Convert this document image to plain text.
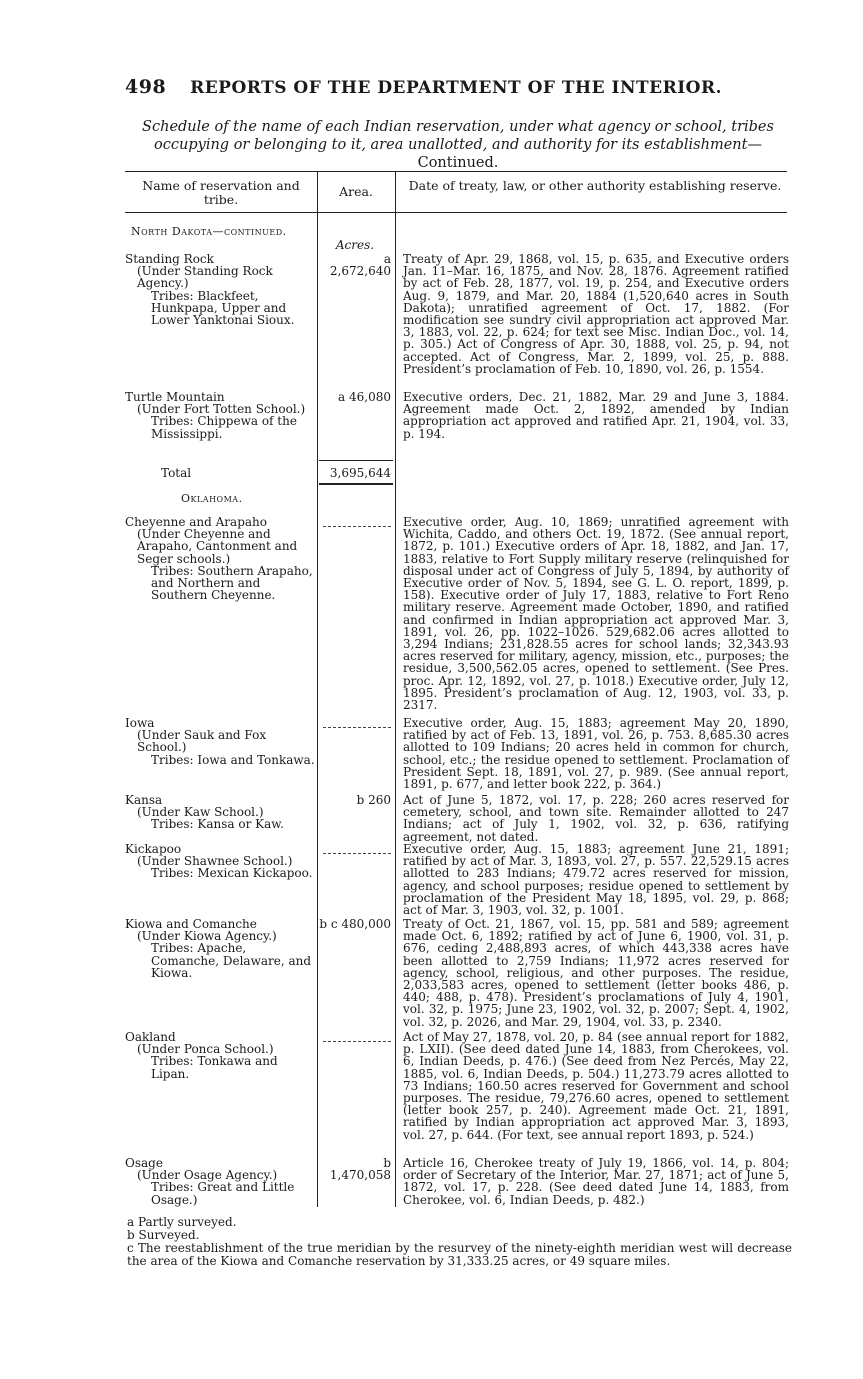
498 REPORTS OF THE DEPARTMENT OF THE INTERIOR.
Schedule of the name of each Indian reservation, under what agency or school, tribes occupying or belonging to it, area unallotted, and authority for its establishment—Continued.
Name of reservation and tribe.
Area.	Date of treaty, law, or other authority establishing reserve.
North Dakota—continued.
Acres.
Standing Rock
(Under Standing Rock Agency.)
Tribes: Blackfeet, Hunkpapa, Upper and Lower Yanktonai Sioux.
a 2,672,640
Treaty of Apr. 29, 1868, vol. 15, p. 635, and Executive orders Jan. 11–Mar. 16, 1875, and Nov. 28, 1876. Agreement ratified by act of Feb. 28, 1877, vol. 19, p. 254, and Executive orders Aug. 9, 1879, and Mar. 20, 1884 (1,520,640 acres in South Dakota); unratified agreement of Oct. 17, 1882. (For modification see sundry civil appropriation act approved Mar. 3, 1883, vol. 22, p. 624; for text see Misc. Indian Doc., vol. 14, p. 305.) Act of Congress of Apr. 30, 1888, vol. 25, p. 94, not accepted. Act of Congress, Mar. 2, 1899, vol. 25, p. 888. President’s proclamation of Feb. 10, 1890, vol. 26, p. 1554.
Turtle Mountain
(Under Fort Totten School.)
Tribes: Chippewa of the Mississippi.
a 46,080 Executive orders, Dec. 21, 1882, Mar. 29 and June 3, 1884. Agreement made Oct. 2, 1892, amended by Indian appropriation act approved and ratified Apr. 21, 1904, vol. 33, p. 194.
Total	3,695,644
Oklahoma.
Cheyenne and Arapaho
(Under Cheyenne and Arapaho, Cantonment and Seger schools.)
Tribes: Southern Arapaho, and Northern and Southern Cheyenne.
Executive order, Aug. 10, 1869; unratified agreement with Wichita, Caddo, and others Oct. 19, 1872. (See annual report, 1872, p. 101.) Executive orders of Apr. 18, 1882, and Jan. 17, 1883, relative to Fort Supply military reserve (relinquished for disposal under act of Congress of July 5, 1894, by authority of Executive order of Nov. 5, 1894, see G. L. O. report, 1899, p. 158). Executive order of July 17, 1883, relative to Fort Reno military reserve. Agreement made October, 1890, and ratified and confirmed in Indian appropriation act approved Mar. 3, 1891, vol. 26, pp. 1022–1026. 529,682.06 acres allotted to 3,294 Indians; 231,828.55 acres for school lands; 32,343.93 acres reserved for military, agency, mission, etc., purposes; the residue, 3,500,562.05 acres, opened to settlement. (See Pres. proc. Apr. 12, 1892, vol. 27, p. 1018.) Executive order, July 12, 1895. President’s proclamation of Aug. 12, 1903, vol. 33, p. 2317.
Iowa
(Under Sauk and Fox School.)
Tribes: Iowa and Tonkawa.
Executive order, Aug. 15, 1883; agreement May 20, 1890, ratified by act of Feb. 13, 1891, vol. 26, p. 753. 8,685.30 acres allotted to 109 Indians; 20 acres held in common for church, school, etc.; the residue opened to settlement. Proclamation of President Sept. 18, 1891, vol. 27, p. 989. (See annual report, 1891, p. 677, and letter book 222, p. 364.)
Kansa
(Under Kaw School.)
Tribes: Kansa or Kaw.
b 260 Act of June 5, 1872, vol. 17, p. 228; 260 acres reserved for cemetery, school, and town site. Remainder allotted to 247 Indians; act of July 1, 1902, vol. 32, p. 636, ratifying agreement, not dated.
Kickapoo
(Under Shawnee School.)
Tribes: Mexican Kickapoo.
Executive order, Aug. 15, 1883; agreement June 21, 1891; ratified by act of Mar. 3, 1893, vol. 27, p. 557. 22,529.15 acres allotted to 283 Indians; 479.72 acres reserved for mission, agency, and school purposes; residue opened to settlement by proclamation of the President May 18, 1895, vol. 29, p. 868; act of Mar. 3, 1903, vol. 32, p. 1001.
Kiowa and Comanche
(Under Kiowa Agency.)
Tribes: Apache, Comanche, Delaware, and Kiowa.
b c 480,000 Treaty of Oct. 21, 1867, vol. 15, pp. 581 and 589; agreement made Oct. 6, 1892; ratified by act of June 6, 1900, vol. 31, p. 676, ceding 2,488,893 acres, of which 443,338 acres have been allotted to 2,759 Indians; 11,972 acres reserved for agency, school, religious, and other purposes. The residue, 2,033,583 acres, opened to settlement (letter books 486, p. 440; 488, p. 478). President’s proclamations of July 4, 1901, vol. 32, p. 1975; June 23, 1902, vol. 32, p. 2007; Sept. 4, 1902, vol. 32, p. 2026, and Mar. 29, 1904, vol. 33, p. 2340.
Oakland
(Under Ponca School.)
Tribes: Tonkawa and Lipan.
Act of May 27, 1878, vol. 20, p. 84 (see annual report for 1882, p. LXII). (See deed dated June 14, 1883, from Cherokees, vol. 6, Indian Deeds, p. 476.) (See deed from Nez Percés, May 22, 1885, vol. 6, Indian Deeds, p. 504.) 11,273.79 acres allotted to 73 Indians; 160.50 acres reserved for Government and school purposes. The residue, 79,276.60 acres, opened to settlement (letter book 257, p. 240). Agreement made Oct. 21, 1891, ratified by Indian appropriation act approved Mar. 3, 1893, vol. 27, p. 644. (For text, see annual report 1893, p. 524.)
Osage
(Under Osage Agency.)
Tribes: Great and Little Osage.)
b 1,470,058
Article 16, Cherokee treaty of July 19, 1866, vol. 14, p. 804; order of Secretary of the Interior, Mar. 27, 1871; act of June 5, 1872, vol. 17, p. 228. (See deed dated June 14, 1883, from Cherokee, vol. 6, Indian Deeds, p. 482.)
a Partly surveyed.
b Surveyed.
c The reestablishment of the true meridian by the resurvey of the ninety-eighth meridian west will decrease the area of the Kiowa and Comanche reservation by 31,333.25 acres, or 49 square miles.
